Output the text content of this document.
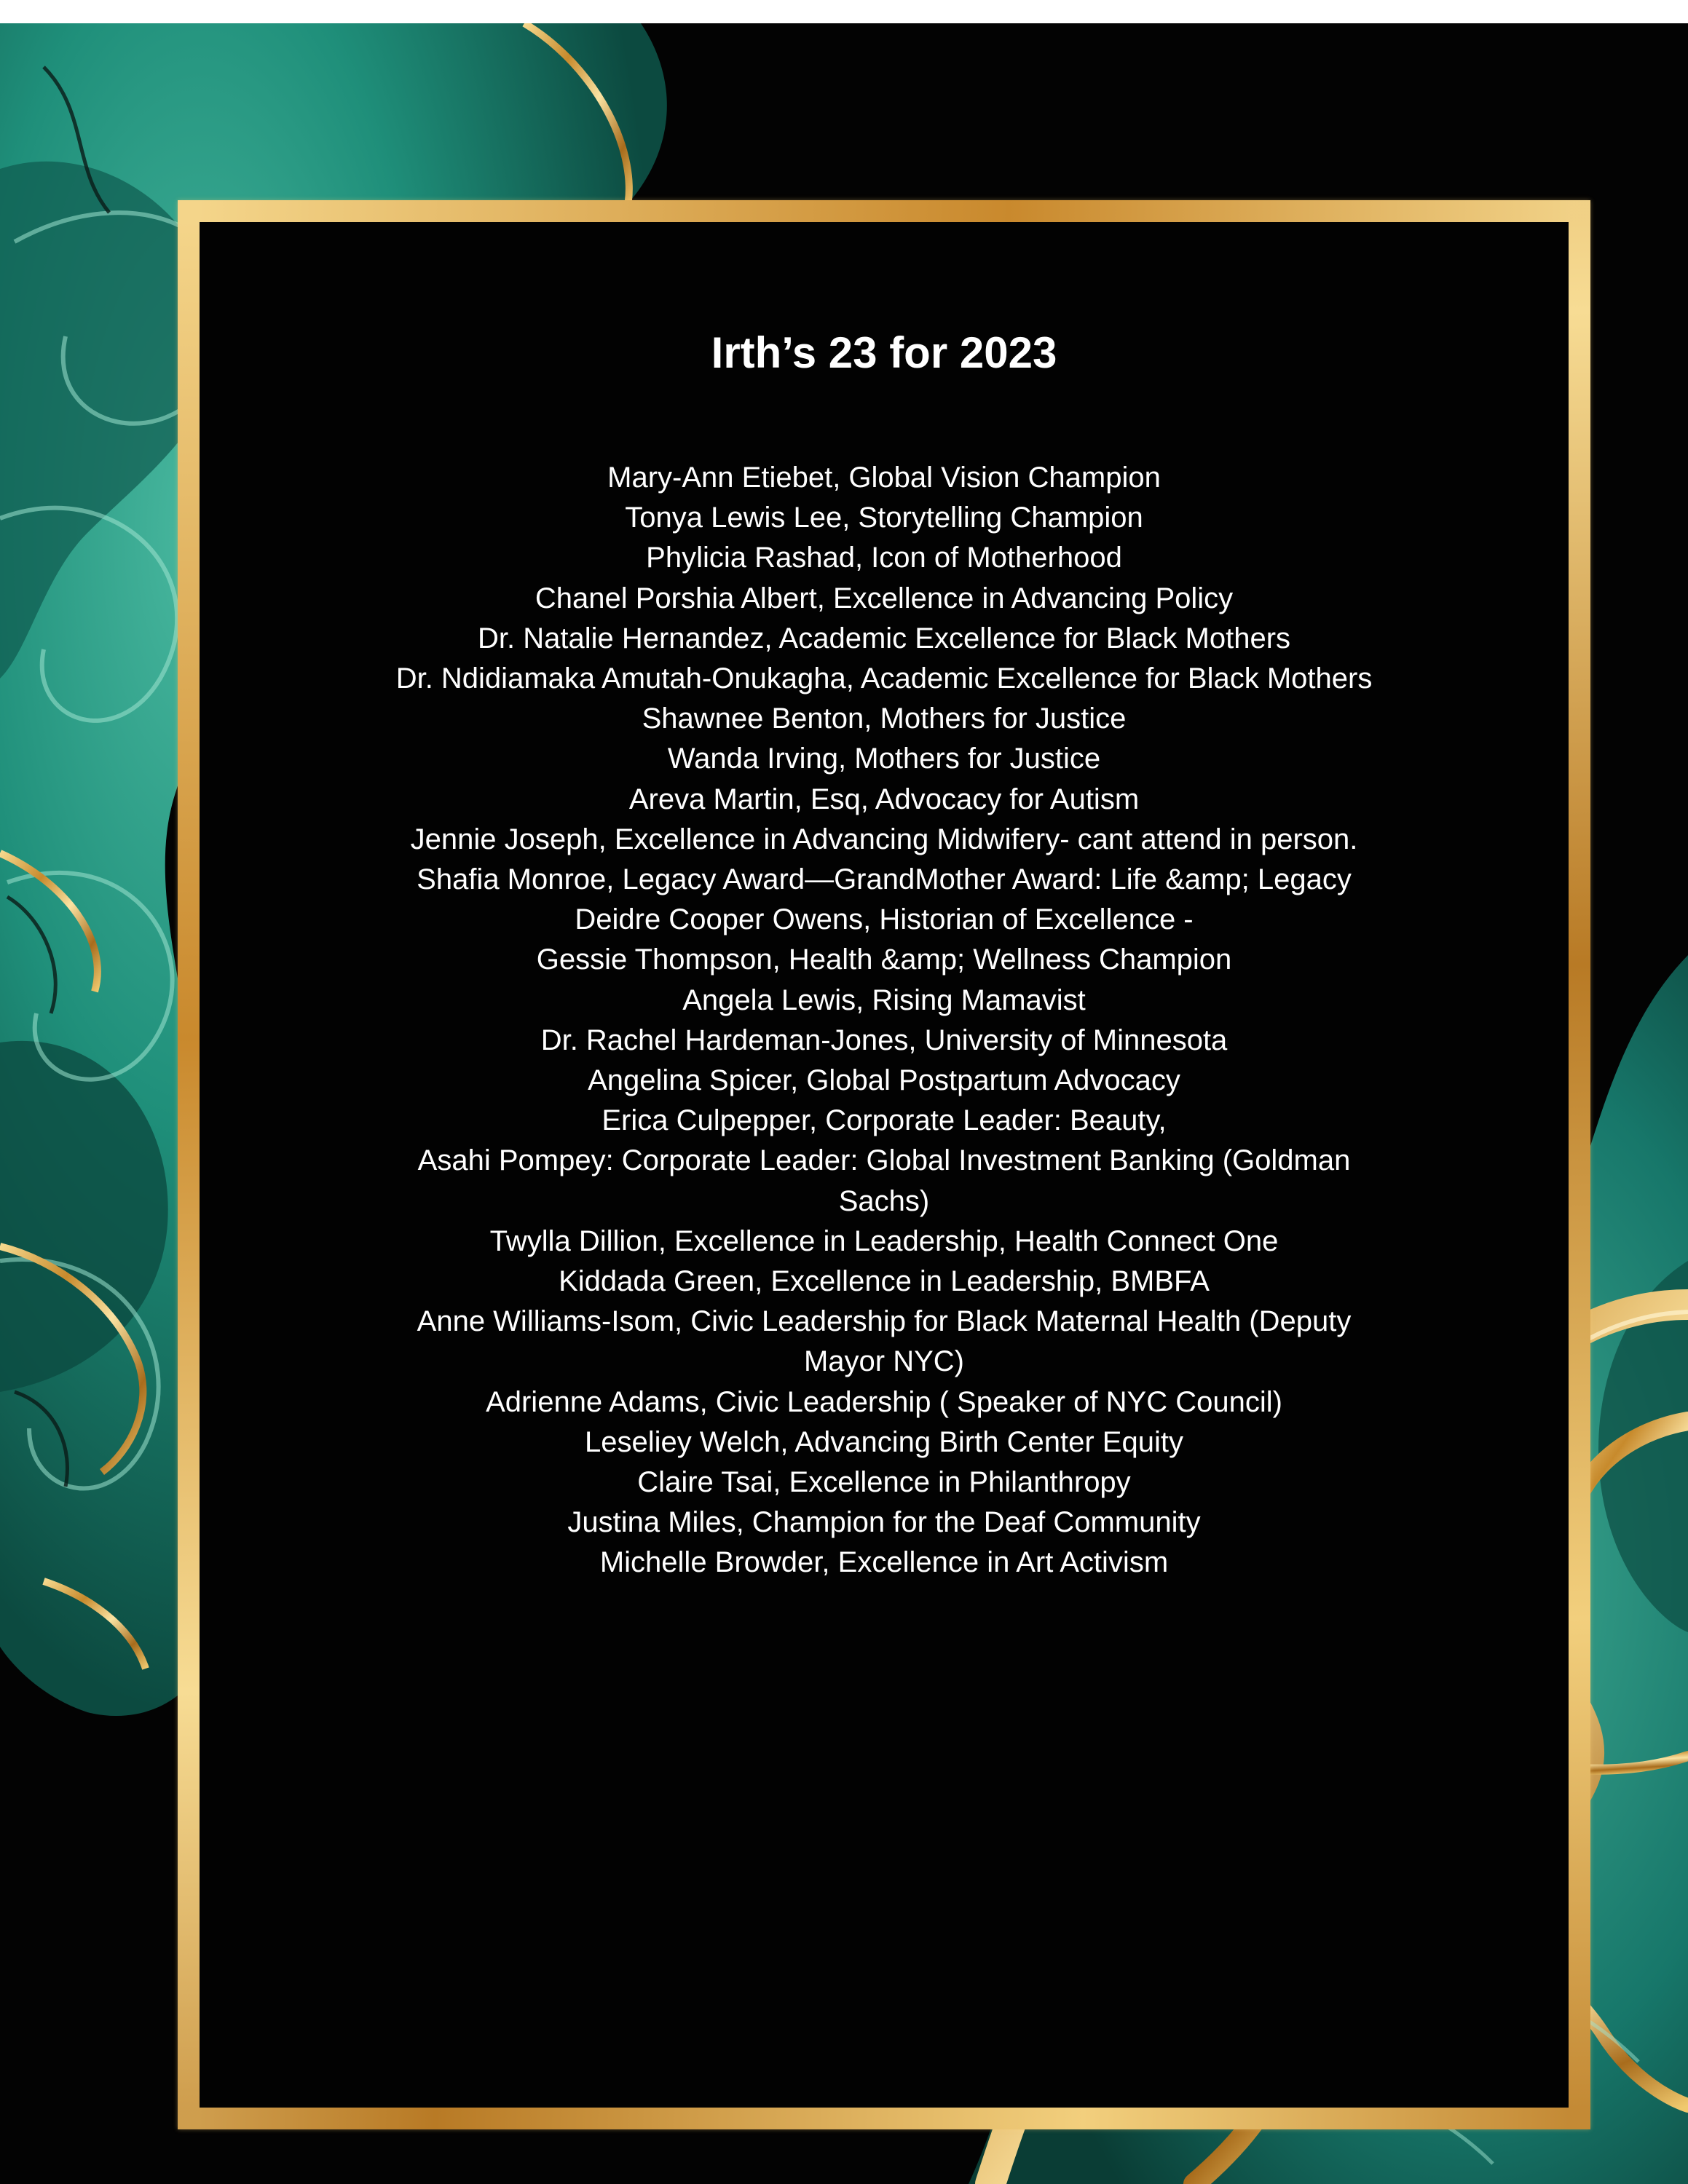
Irth’s 23 for 2023
Mary-Ann Etiebet, Global Vision Champion
Tonya Lewis Lee, Storytelling Champion
Phylicia Rashad, Icon of Motherhood
Chanel Porshia Albert, Excellence in Advancing Policy
Dr. Natalie Hernandez, Academic Excellence for Black Mothers
Dr. Ndidiamaka Amutah-Onukagha, Academic Excellence for Black Mothers
Shawnee Benton, Mothers for Justice
Wanda Irving, Mothers for Justice
Areva Martin, Esq, Advocacy for Autism
Jennie Joseph, Excellence in Advancing Midwifery- cant attend in person.
Shafia Monroe, Legacy Award—GrandMother Award: Life &amp; Legacy
Deidre Cooper Owens, Historian of Excellence -
Gessie Thompson, Health &amp; Wellness Champion
Angela Lewis, Rising Mamavist
Dr. Rachel Hardeman-Jones, University of Minnesota
Angelina Spicer, Global Postpartum Advocacy
Erica Culpepper, Corporate Leader: Beauty,
Asahi Pompey: Corporate Leader: Global Investment Banking (Goldman Sachs)
Twylla Dillion, Excellence in Leadership, Health Connect One
Kiddada Green, Excellence in Leadership, BMBFA
Anne Williams-Isom, Civic Leadership for Black Maternal Health (Deputy Mayor NYC)
Adrienne Adams, Civic Leadership ( Speaker of NYC Council)
Leseliey Welch, Advancing Birth Center Equity
Claire Tsai, Excellence in Philanthropy
Justina Miles, Champion for the Deaf Community
Michelle Browder, Excellence in Art Activism
